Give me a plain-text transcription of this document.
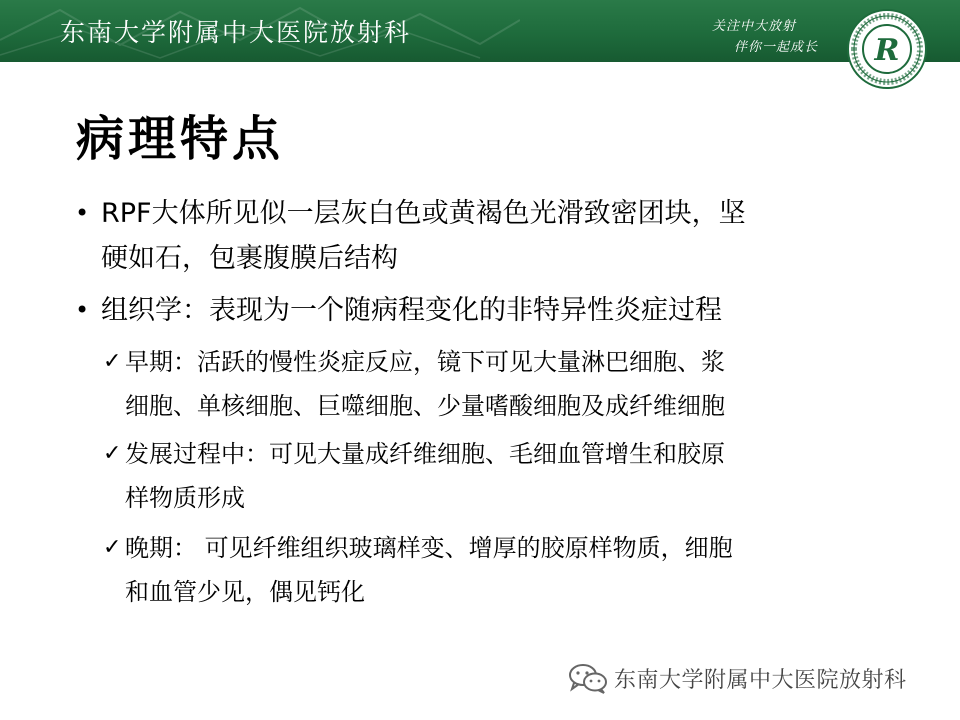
东南大学附属中大医院放射科	关注中大放射
伴你一起成长 R
病理特点
• RPF大体所见似一层灰白色或黄褐色光滑致密团块，坚
硬如石，包裹腹膜后结构
• 组织学：表现为一个随病程变化的非特异性炎症过程
✓ 早期：活跃的慢性炎症反应，镜下可见大量淋巴细胞、浆
细胞、单核细胞、巨噬细胞、少量嗜酸细胞及成纤维细胞
✓ 发展过程中：可见大量成纤维细胞、毛细血管增生和胶原
样物质形成
✓ 晚期： 可见纤维组织玻璃样变、增厚的胶原样物质，细胞
和血管少见，偶见钙化
东南大学附属中大医院放射科
